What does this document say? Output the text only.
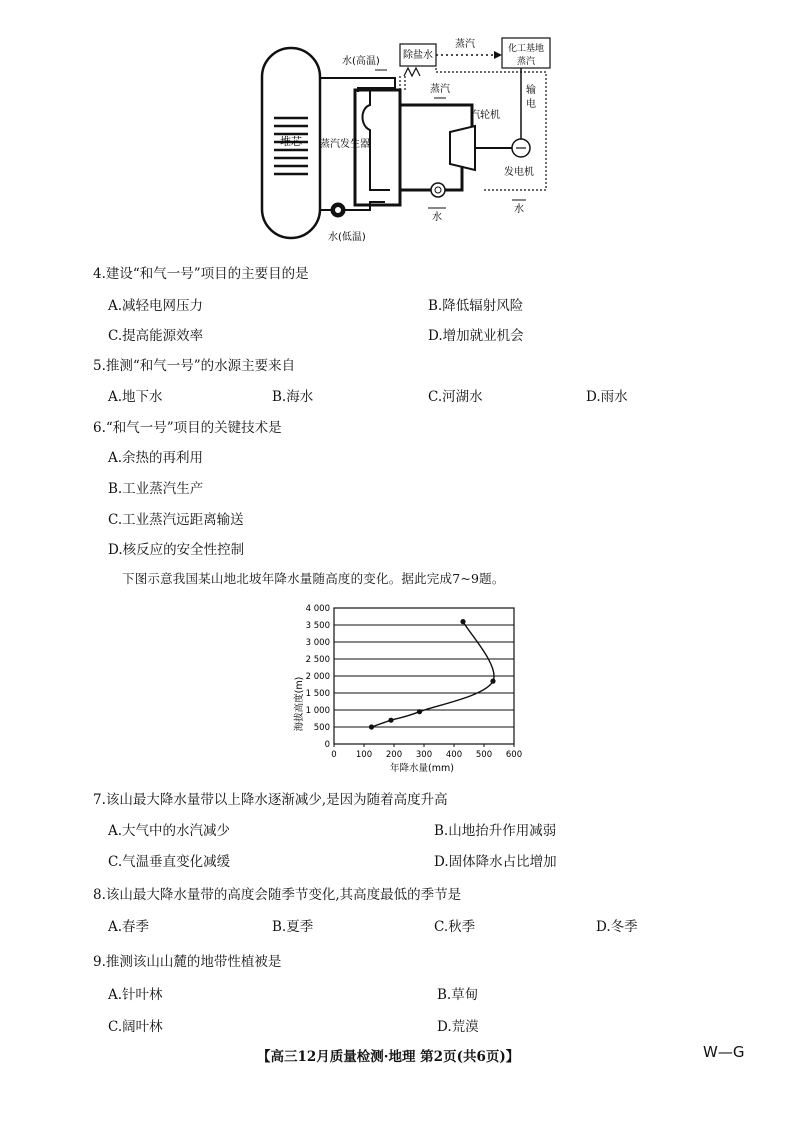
堆芯
水(高温)
水(低温)
蒸汽发生器
除盐水
蒸汽	化工基地
蒸汽
蒸汽
汽轮机
发电机
输
电
水
水
4.建设“和气一号”项目的主要目的是
A.减轻电网压力	B.降低辐射风险
C.提高能源效率	D.增加就业机会
5.推测“和气一号”的水源主要来自
A.地下水	B.海水	C.河湖水	D.雨水
6.“和气一号”项目的关键技术是
A.余热的再利用
B.工业蒸汽生产
C.工业蒸汽远距离输送
D.核反应的安全性控制
下图示意我国某山地北坡年降水量随高度的变化。据此完成7~9题。
海拔高度(m)
年降水量(mm)
0
500
1 000
1 500
2 000
2 500
3 000
3 500
4 000
0 100 200 300 400 500 600
7.该山最大降水量带以上降水逐渐减少,是因为随着高度升高
A.大气中的水汽减少	B.山地抬升作用减弱
C.气温垂直变化减缓	D.固体降水占比增加
8.该山最大降水量带的高度会随季节变化,其高度最低的季节是
A.春季	B.夏季	C.秋季	D.冬季
9.推测该山山麓的地带性植被是
A.针叶林	B.草甸
C.阔叶林	D.荒漠
【高三12月质量检测·地理 第2页(共6页)】	W—G
